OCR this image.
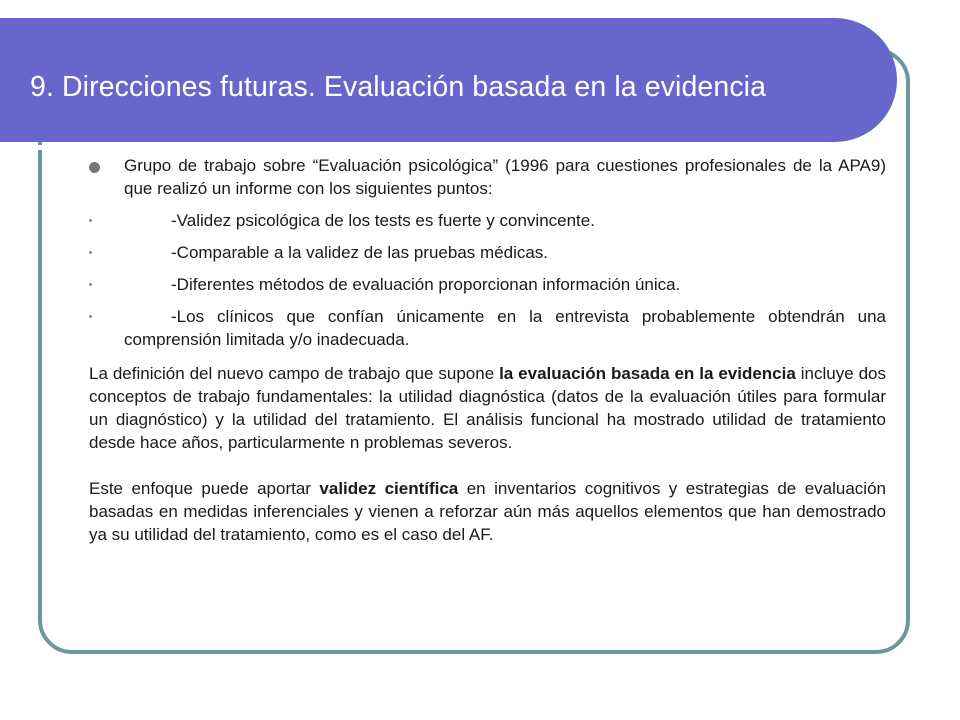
9. Direcciones futuras. Evaluación basada en la evidencia

Grupo de trabajo sobre “Evaluación psicológica” (1996 para cuestiones profesionales de la APA9) que realizó un informe con los siguientes puntos:

-Validez psicológica de los tests es fuerte y convincente.

-Comparable a la validez de las pruebas médicas.

-Diferentes métodos de evaluación proporcionan información única.

-Los clínicos que confían únicamente en la entrevista probablemente obtendrán una comprensión limitada y/o inadecuada.

La definición del nuevo campo de trabajo que supone la evaluación basada en la evidencia incluye dos conceptos de trabajo fundamentales: la utilidad diagnóstica (datos de la evaluación útiles para formular un diagnóstico) y la utilidad del tratamiento. El análisis funcional ha mostrado utilidad de tratamiento desde hace años, particularmente n problemas severos.

Este enfoque puede aportar validez científica en inventarios cognitivos y estrategias de evaluación basadas en medidas inferenciales y vienen a reforzar aún más aquellos elementos que han demostrado ya su utilidad del tratamiento, como es el caso del AF.
